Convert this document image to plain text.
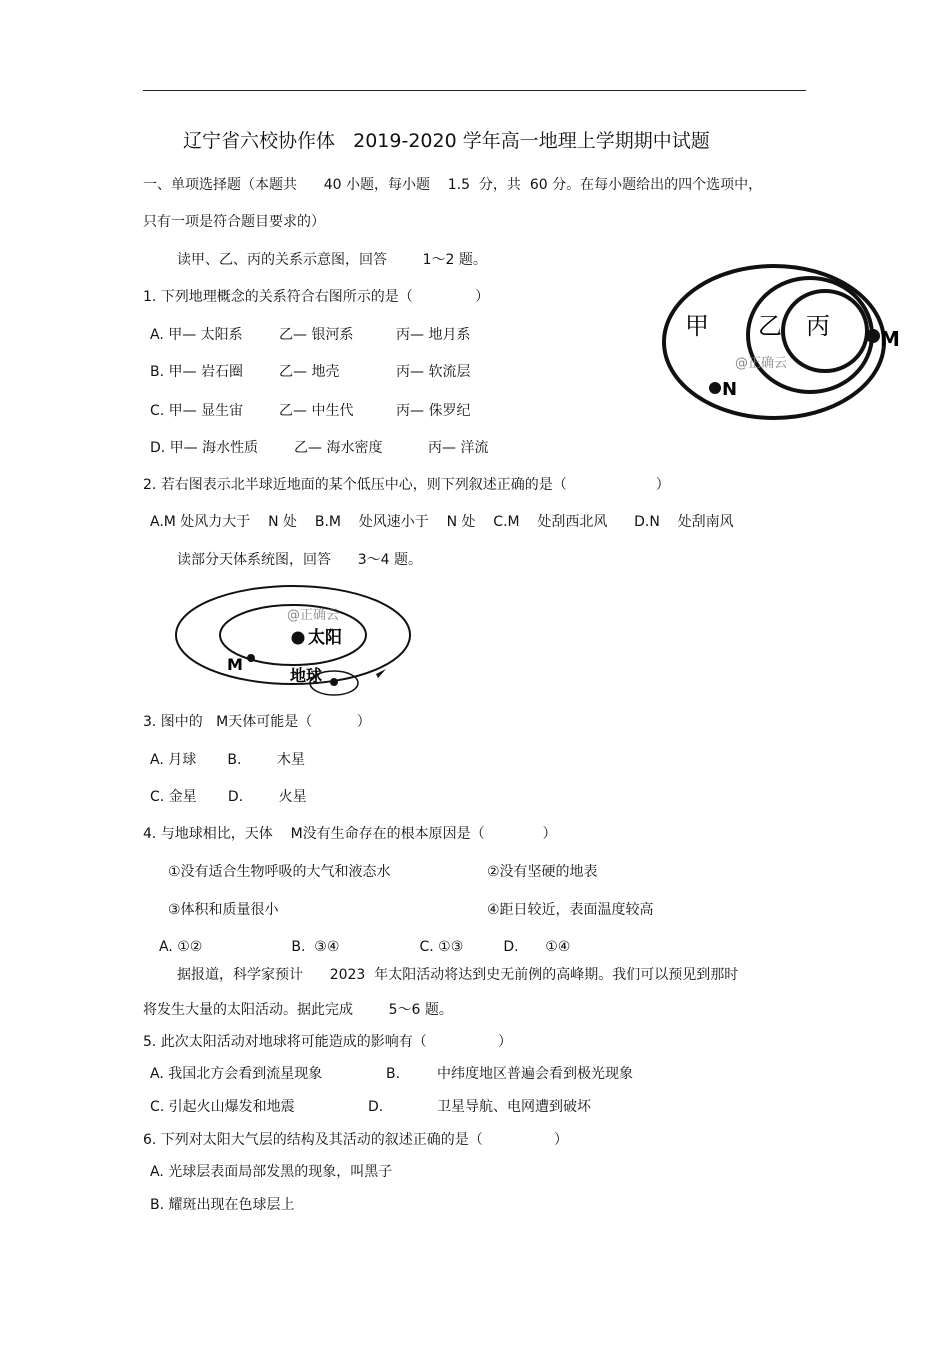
辽宁省六校协作体   2019-2020 学年高一地理上学期期中试题
一、单项选择题（本题共      40 小题，每小题    1.5  分，共  60 分。在每小题给出的四个选项中，
只有一项是符合题目要求的）
读甲、乙、丙的关系示意图，回答        1～2 题。
1. 下列地理概念的关系符合右图所示的是（              ）
A. 甲— 太阳系	乙— 银河系	丙— 地月系
B. 甲— 岩石圈	乙— 地壳	丙— 软流层
C. 甲— 显生宙	乙— 中生代	丙— 侏罗纪
D. 甲— 海水性质	乙— 海水密度	丙— 洋流
甲 乙 丙	M
N
@正确云
2. 若右图表示北半球近地面的某个低压中心，则下列叙述正确的是（                    ）
A.M 处风力大于    N 处    B.M    处风速小于    N 处    C.M    处刮西北风      D.N    处刮南风
读部分天体系统图，回答      3～4 题。
太阳
M
地球
@正确云
3. 图中的   M天体可能是（          ）
A. 月球       B.        木星
C. 金星       D.        火星
4. 与地球相比，天体    M没有生命存在的根本原因是（             ）
①没有适合生物呼吸的大气和液态水	②没有坚硬的地表
③体积和质量很小	④距日较近，表面温度较高
A. ①②                    B.  ③④                  C. ①③         D.      ①④
据报道，科学家预计      2023  年太阳活动将达到史无前例的高峰期。我们可以预见到那时
将发生大量的太阳活动。据此完成        5～6 题。
5. 此次太阳活动对地球将可能造成的影响有（                ）
A. 我国北方会看到流星现象	B.	中纬度地区普遍会看到极光现象
C. 引起火山爆发和地震	D.	卫星导航、电网遭到破坏
6. 下列对太阳大气层的结构及其活动的叙述正确的是（                ）
A. 光球层表面局部发黑的现象，叫黑子
B. 耀斑出现在色球层上
